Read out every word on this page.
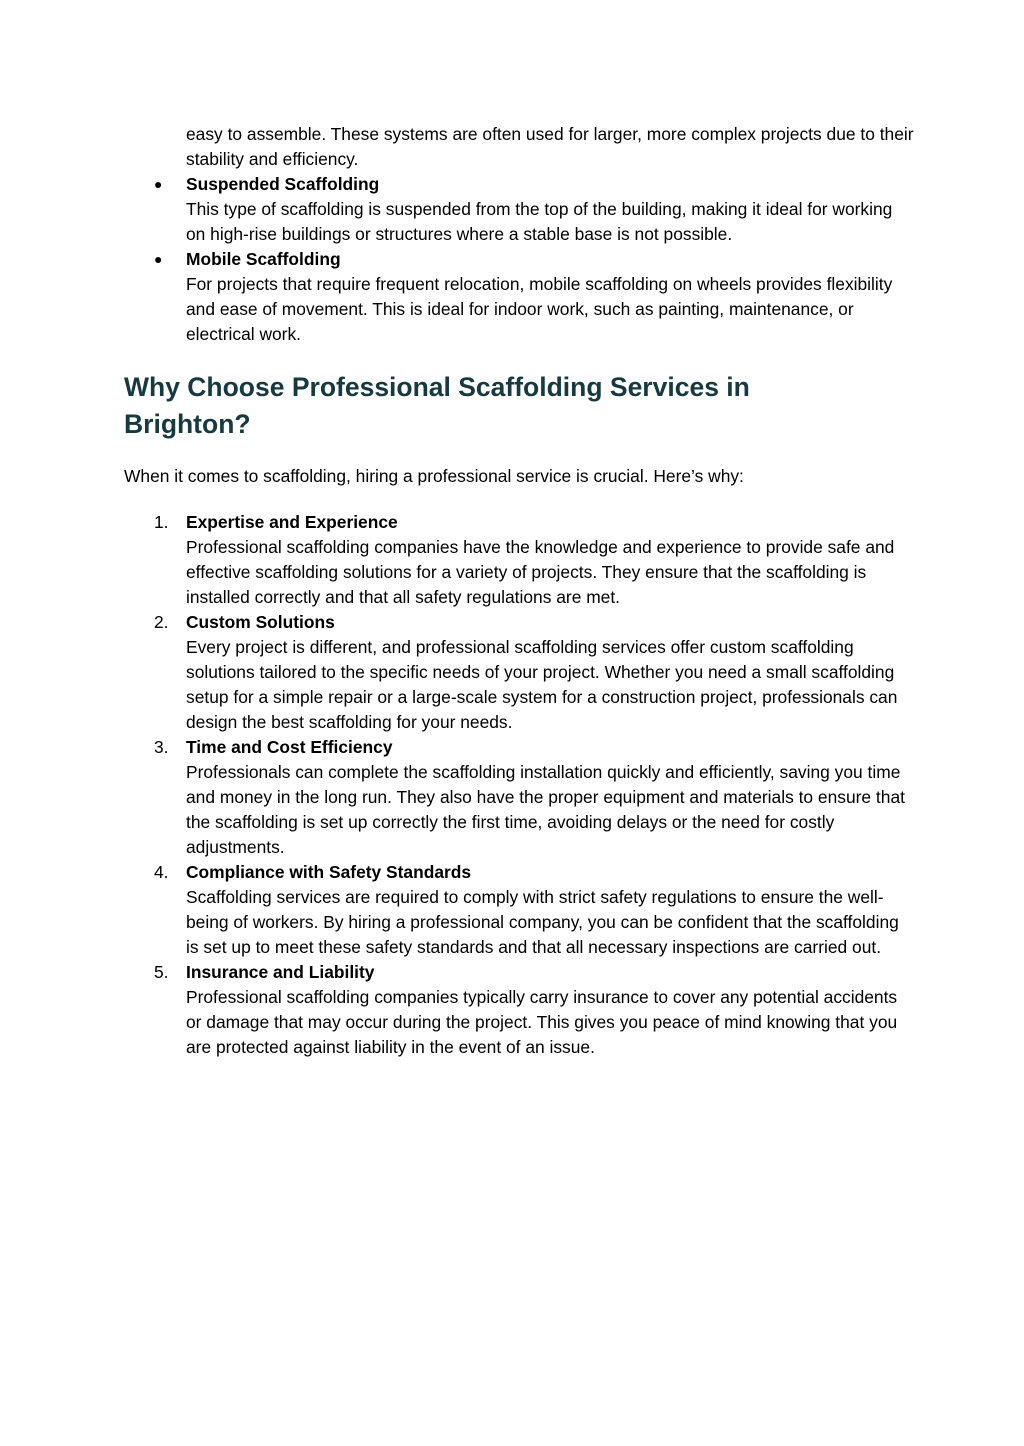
easy to assemble. These systems are often used for larger, more complex projects due to their stability and efficiency.
● Suspended Scaffolding
This type of scaffolding is suspended from the top of the building, making it ideal for working on high-rise buildings or structures where a stable base is not possible.
● Mobile Scaffolding
For projects that require frequent relocation, mobile scaffolding on wheels provides flexibility and ease of movement. This is ideal for indoor work, such as painting, maintenance, or electrical work.
Why Choose Professional Scaffolding Services in Brighton?

When it comes to scaffolding, hiring a professional service is crucial. Here’s why:

1. Expertise and Experience
Professional scaffolding companies have the knowledge and experience to provide safe and effective scaffolding solutions for a variety of projects. They ensure that the scaffolding is installed correctly and that all safety regulations are met.
2. Custom Solutions
Every project is different, and professional scaffolding services offer custom scaffolding solutions tailored to the specific needs of your project. Whether you need a small scaffolding setup for a simple repair or a large-scale system for a construction project, professionals can design the best scaffolding for your needs.
3. Time and Cost Efficiency
Professionals can complete the scaffolding installation quickly and efficiently, saving you time and money in the long run. They also have the proper equipment and materials to ensure that the scaffolding is set up correctly the first time, avoiding delays or the need for costly adjustments.
4. Compliance with Safety Standards
Scaffolding services are required to comply with strict safety regulations to ensure the well-being of workers. By hiring a professional company, you can be confident that the scaffolding is set up to meet these safety standards and that all necessary inspections are carried out.
5. Insurance and Liability
Professional scaffolding companies typically carry insurance to cover any potential accidents or damage that may occur during the project. This gives you peace of mind knowing that you are protected against liability in the event of an issue.
